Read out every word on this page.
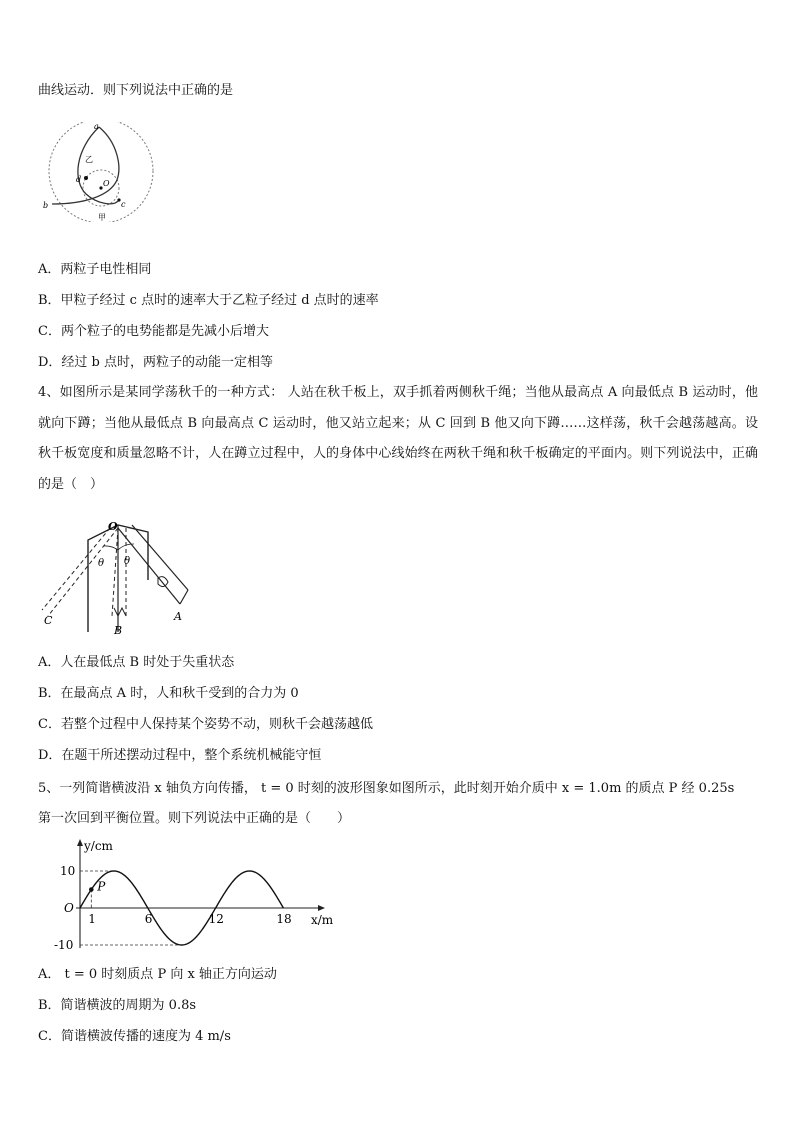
曲线运动．则下列说法中正确的是
a
b	c
d	O
乙
甲
A．两粒子电性相同
B．甲粒子经过 c 点时的速率大于乙粒子经过 d 点时的速率
C．两个粒子的电势能都是先减小后增大
D．经过 b 点时，两粒子的动能一定相等
4、如图所示是某同学荡秋千的一种方式： 人站在秋千板上，双手抓着两侧秋千绳；当他从最高点 A 向最低点 B 运动时，他就向下蹲；当他从最低点 B 向最高点 C 运动时，他又站立起来；从 C 回到 B 他又向下蹲……这样荡，秋千会越荡越高。设秋千板宽度和质量忽略不计，人在蹲立过程中，人的身体中心线始终在两秋千绳和秋千板确定的平面内。则下列说法中，正确的是（　）
O
θ θ
A
B
C
A．人在最低点 B 时处于失重状态
B．在最高点 A 时，人和秋千受到的合力为 0
C．若整个过程中人保持某个姿势不动，则秋千会越荡越低
D．在题干所述摆动过程中，整个系统机械能守恒
5、一列简谐横波沿 x 轴负方向传播， t = 0 时刻的波形图象如图所示，此时刻开始介质中 x = 1.0m 的质点 P 经 0.25s
第一次回到平衡位置。则下列说法中正确的是（　　）
P
O
y/cm
x/m
1	6	12	18
10
-10
A． t = 0 时刻质点 P 向 x 轴正方向运动
B．简谐横波的周期为 0.8s
C．简谐横波传播的速度为 4 m/s
